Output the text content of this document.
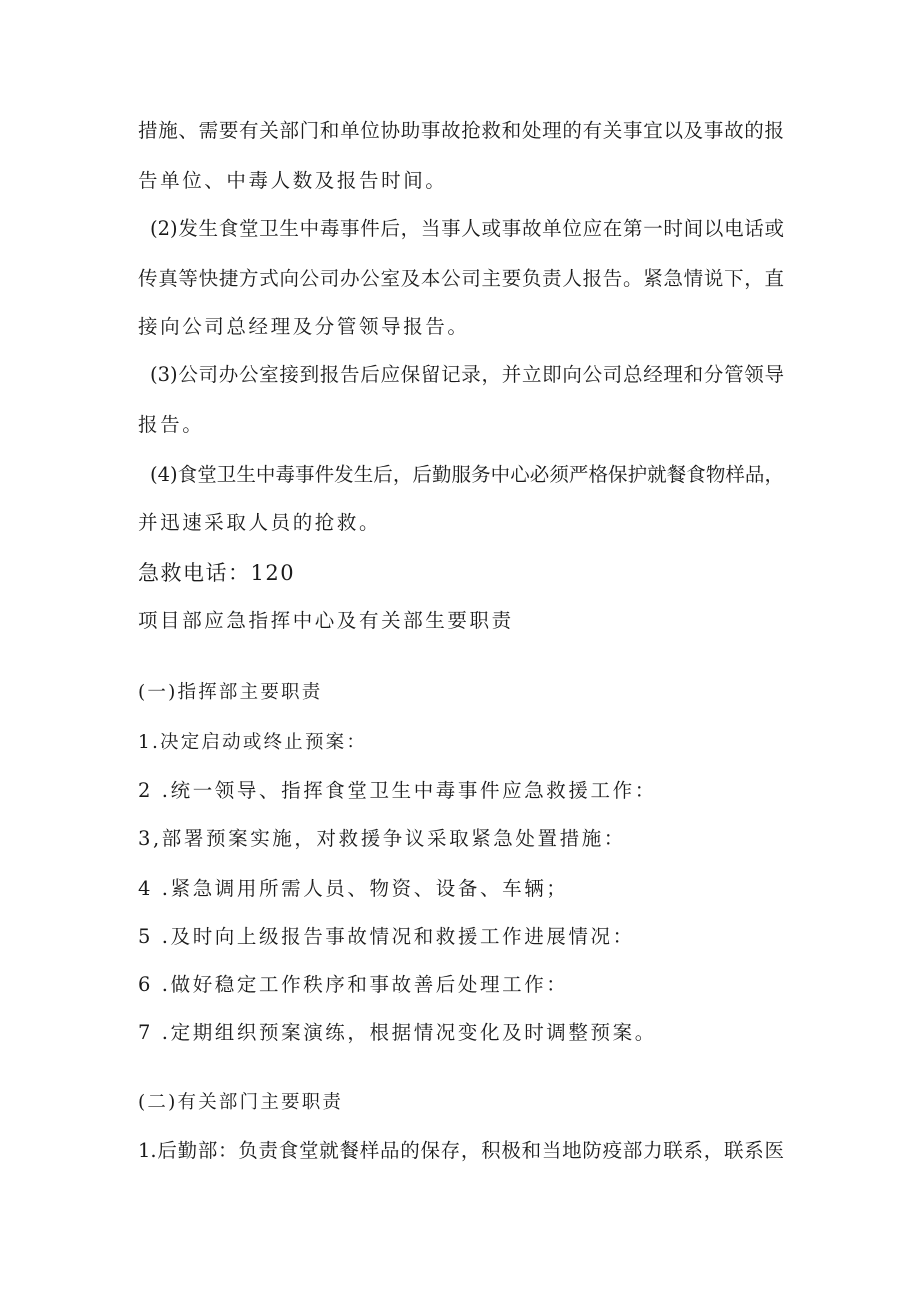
措施、需要有关部门和单位协助事故抢救和处理的有关事宜以及事故的报
告单位、中毒人数及报告时间。
(2)发生食堂卫生中毒事件后，当事人或事故单位应在第一时间以电话或
传真等快捷方式向公司办公室及本公司主要负责人报告。紧急情说下，直
接向公司总经理及分管领导报告。
(3)公司办公室接到报告后应保留记录，并立即向公司总经理和分管领导
报告。
(4)食堂卫生中毒事件发生后，后勤服务中心必须严格保护就餐食物样品，
并迅速采取人员的抢救。
急救电话：120
项目部应急指挥中心及有关部生要职责
(一)指挥部主要职责
1.决定启动或终止预案：
2 .统一领导、指挥食堂卫生中毒事件应急救援工作：
3,部署预案实施，对救援争议采取紧急处置措施：
4 .紧急调用所需人员、物资、设备、车辆；
5 .及时向上级报告事故情况和救援工作进展情况：
6 .做好稳定工作秩序和事故善后处理工作：
7 .定期组织预案演练，根据情况变化及时调整预案。
(二)有关部门主要职责
1.后勤部：负责食堂就餐样品的保存，积极和当地防疫部力联系，联系医
